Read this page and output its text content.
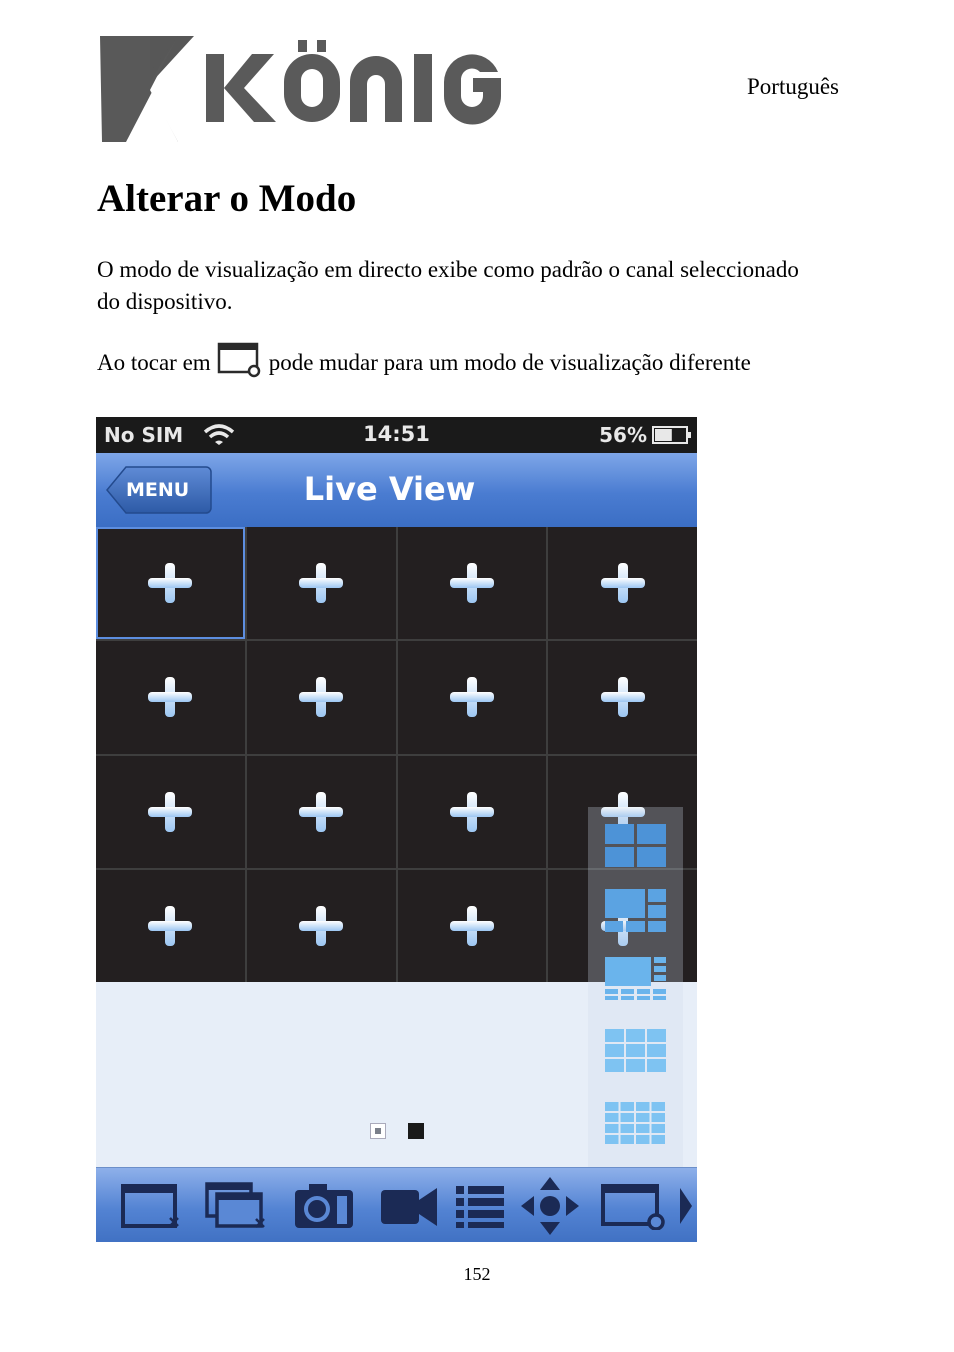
Português
Alterar o Modo

O modo de visualização em directo exibe como padrão o canal seleccionado do dispositivo.

Ao tocar em	pode mudar para um modo de visualização diferente

No SIM	14:51	56%
MENU	Live View
152
